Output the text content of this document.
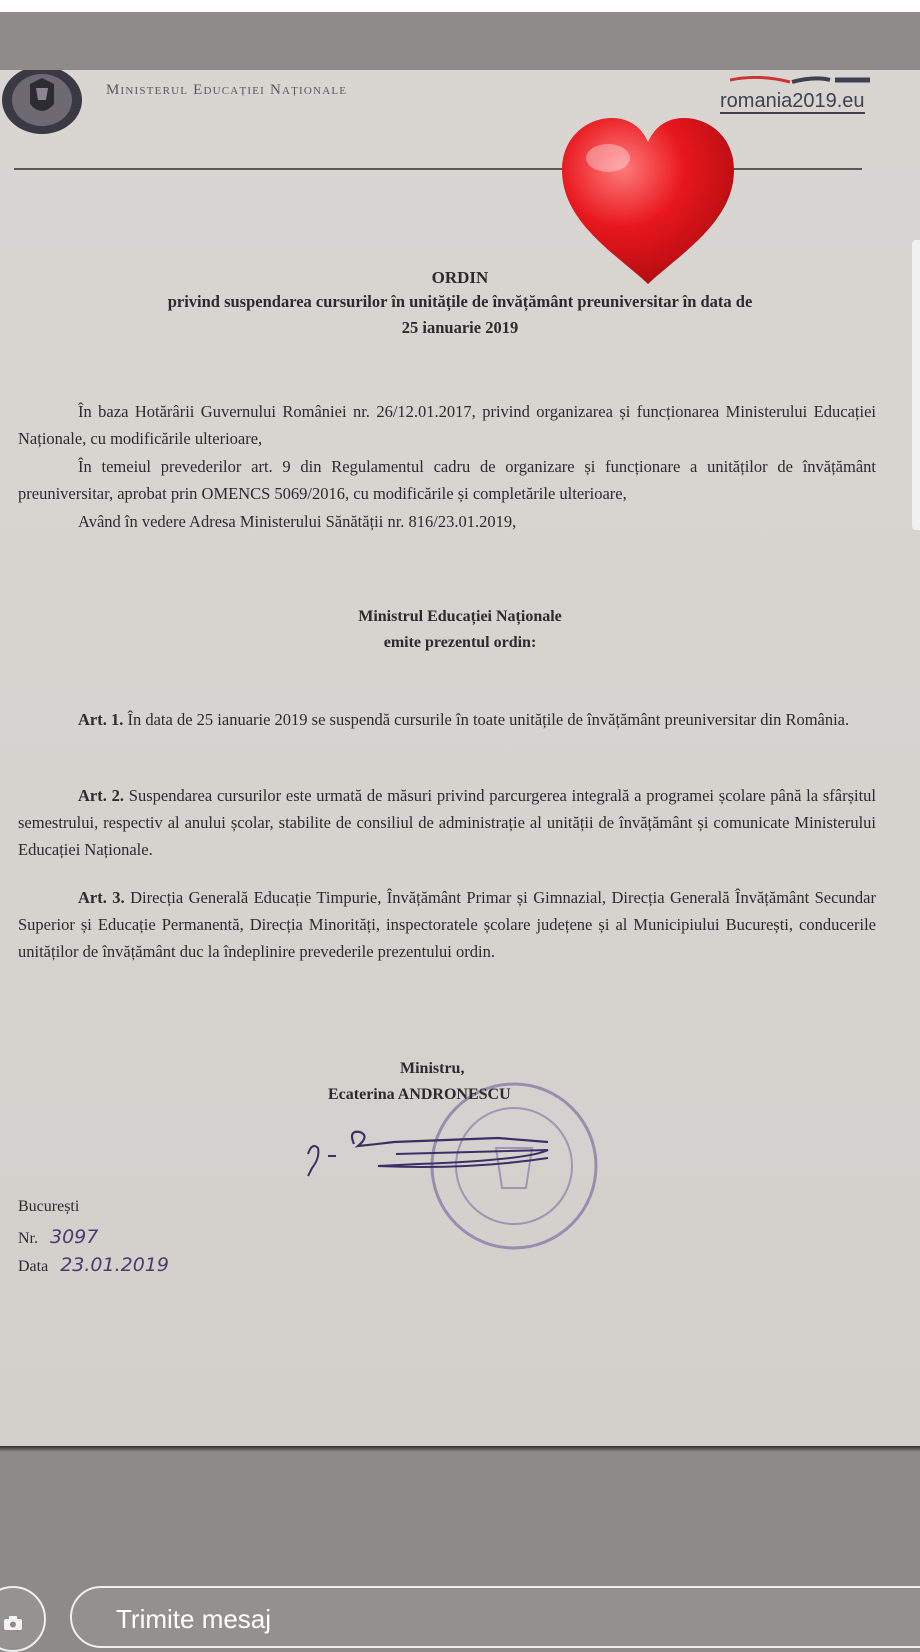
Ministerul Educației Naționale	romania2019.eu
ORDIN
privind suspendarea cursurilor în unitățile de învățământ preuniversitar în data de
25 ianuarie 2019
În baza Hotărârii Guvernului României nr. 26/12.01.2017, privind organizarea și funcționarea Ministerului Educației Naționale, cu modificările ulterioare,
În temeiul prevederilor art. 9 din Regulamentul cadru de organizare și funcționare a unităților de învățământ preuniversitar, aprobat prin OMENCS 5069/2016, cu modificările și completările ulterioare,
Având în vedere Adresa Ministerului Sănătății nr. 816/23.01.2019,
Ministrul Educației Naționale
emite prezentul ordin:
Art. 1. În data de 25 ianuarie 2019 se suspendă cursurile în toate unitățile de învățământ preuniversitar din România.
Art. 2. Suspendarea cursurilor este urmată de măsuri privind parcurgerea integrală a programei școlare până la sfârșitul semestrului, respectiv al anului școlar, stabilite de consiliul de administrație al unității de învățământ și comunicate Ministerului Educației Naționale.
Art. 3. Direcția Generală Educație Timpurie, Învățământ Primar și Gimnazial, Direcția Generală Învățământ Secundar Superior și Educație Permanentă, Direcția Minorități, inspectoratele școlare județene și al Municipiului București, conducerile unităților de învățământ duc la îndeplinire prevederile prezentului ordin.
Ministru,
Ecaterina ANDRONESCU
București
Nr. 3097
Data 23.01.2019
Trimite mesaj
